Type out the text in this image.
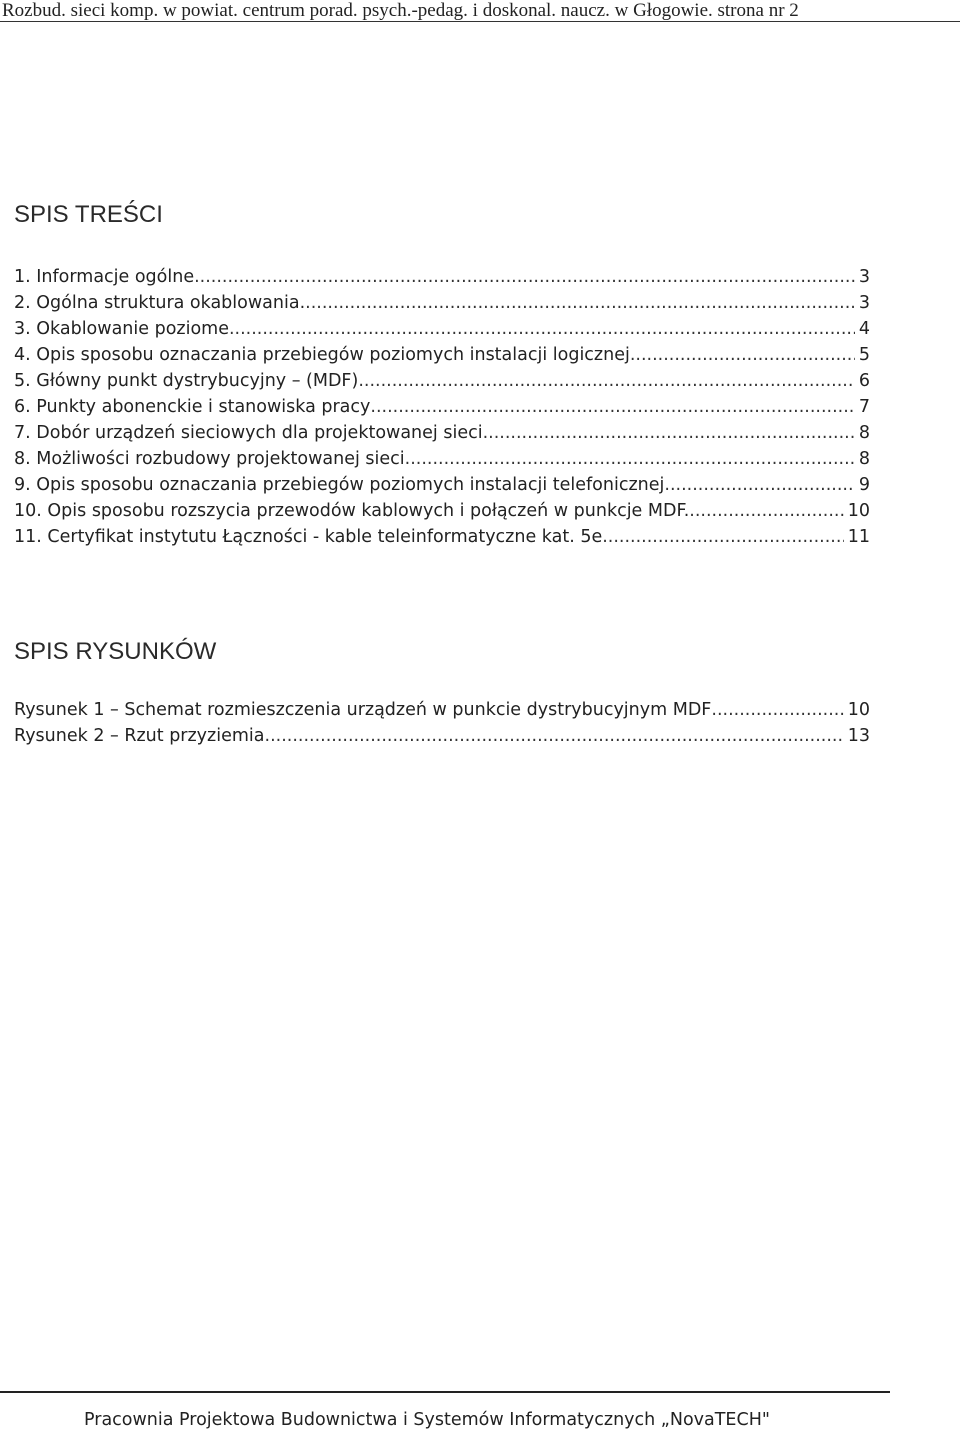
Rozbud. sieci komp. w powiat. centrum porad. psych.-pedag. i doskonal. naucz. w Głogowie. strona nr 2
SPIS TREŚCI
1. Informacje ogólne .....	3
2. Ogólna struktura okablowania. .....	3
3. Okablowanie poziome .....	4
4. Opis sposobu oznaczania przebiegów poziomych instalacji logicznej .....	5
5. Główny punkt dystrybucyjny – (MDF) .....	6
6. Punkty abonenckie i stanowiska pracy .....	7
7. Dobór urządzeń sieciowych dla projektowanej sieci .....	8
8. Możliwości rozbudowy projektowanej sieci .....	8
9. Opis sposobu oznaczania przebiegów poziomych instalacji telefonicznej .....	9
10. Opis sposobu rozszycia przewodów kablowych i połączeń w punkcje MDF. .....	10
11. Certyfikat instytutu Łączności - kable teleinformatyczne kat. 5e .....	11
SPIS RYSUNKÓW
Rysunek 1 – Schemat rozmieszczenia urządzeń w punkcie dystrybucyjnym MDF .....	10
Rysunek 2 – Rzut przyziemia .....	13
Pracownia Projektowa Budownictwa i Systemów Informatycznych „NovaTECH"
